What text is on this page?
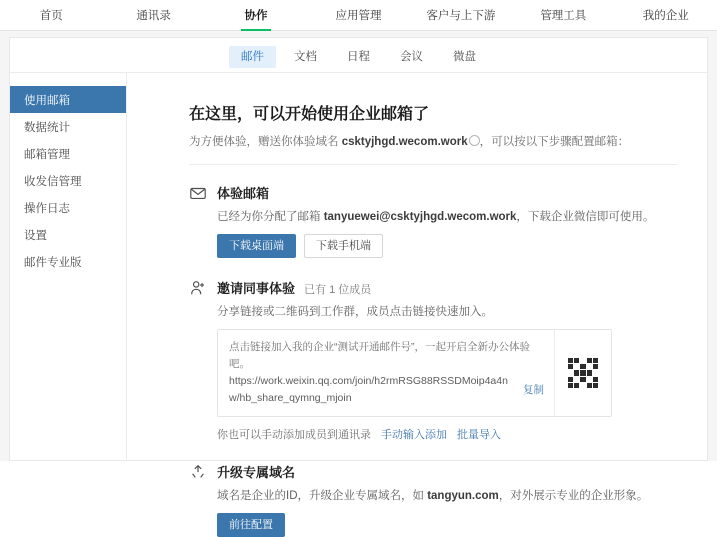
首页	通讯录	协作	应用管理	客户与上下游	管理工具	我的企业
邮件	文档	日程	会议	微盘
使用邮箱
数据统计
邮箱管理
收发信管理
操作日志
设置
邮件专业版
在这里，可以开始使用企业邮箱了

为方便体验，赠送你体验域名 csktyjhgd.wecom.work ，可以按以下步骤配置邮箱：

体验邮箱
已经为你分配了邮箱 tanyuewei@csktyjhgd.wecom.work，下载企业微信即可使用。
下载桌面端	下载手机端
邀请同事体验 已有 1 位成员
分享链接或二维码到工作群，成员点击链接快速加入。
点击链接加入我的企业“测试开通邮件号”，一起开启全新办公体验吧。
https://work.weixin.qq.com/join/h2rmRSG88RSSDMoip4a4nw/hb_share_qymng_mjoin
复制
你也可以手动添加成员到通讯录 手动输入添加 批量导入
升级专属域名
域名是企业的ID，升级企业专属域名，如 tangyun.com，对外展示专业的企业形象。
前往配置
